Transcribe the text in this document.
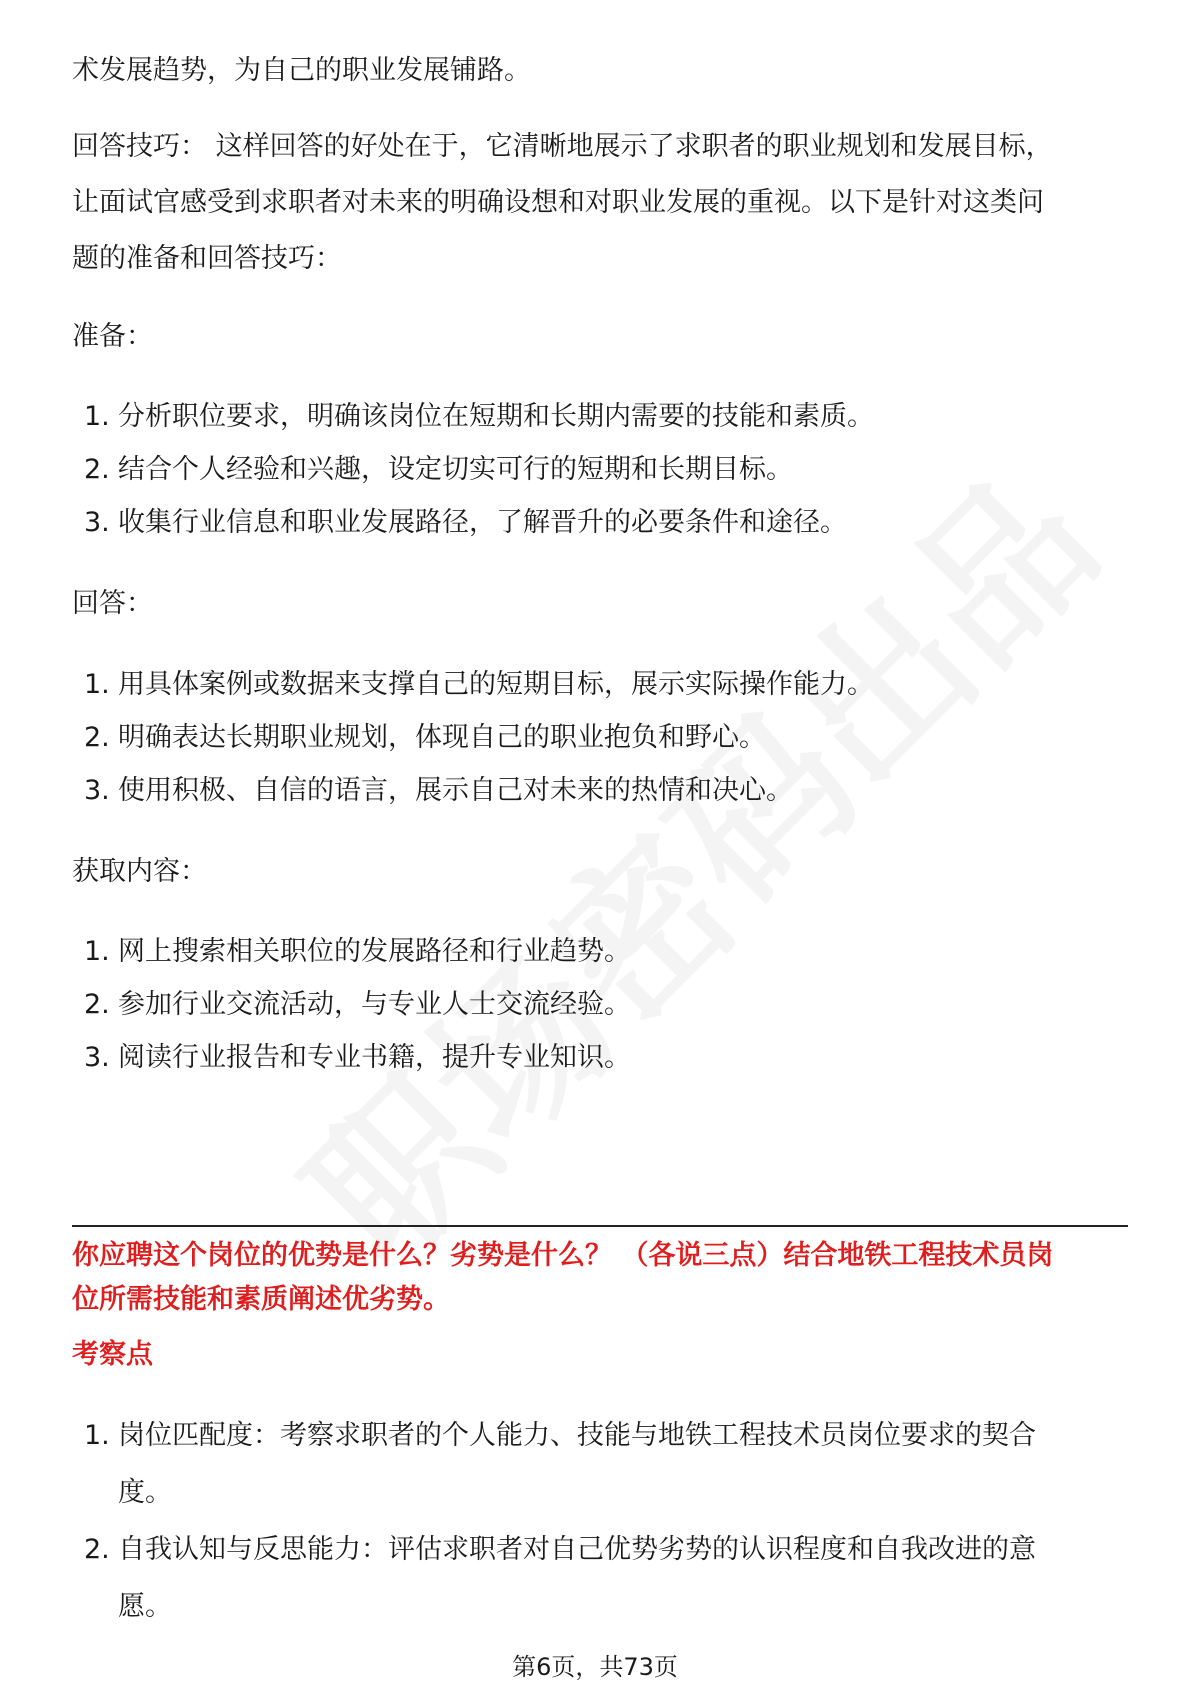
术发展趋势，为自己的职业发展铺路。

回答技巧： 这样回答的好处在于，它清晰地展示了求职者的职业规划和发展目标，

让面试官感受到求职者对未来的明确设想和对职业发展的重视。以下是针对这类问

题的准备和回答技巧：

准备：

1. 分析职位要求，明确该岗位在短期和长期内需要的技能和素质。
2. 结合个人经验和兴趣，设定切实可行的短期和长期目标。
3. 收集行业信息和职业发展路径，了解晋升的必要条件和途径。

回答：

1. 用具体案例或数据来支撑自己的短期目标，展示实际操作能力。
2. 明确表达长期职业规划，体现自己的职业抱负和野心。
3. 使用积极、自信的语言，展示自己对未来的热情和决心。

获取内容：

1. 网上搜索相关职位的发展路径和行业趋势。
2. 参加行业交流活动，与专业人士交流经验。
3. 阅读行业报告和专业书籍，提升专业知识。
你应聘这个岗位的优势是什么？劣势是什么？ （各说三点）结合地铁工程技术员岗
位所需技能和素质阐述优劣势。

考察点

1. 岗位匹配度：考察求职者的个人能力、技能与地铁工程技术员岗位要求的契合
度。
2. 自我认知与反思能力：评估求职者对自己优势劣势的认识程度和自我改进的意
愿。
第6页，共73页
